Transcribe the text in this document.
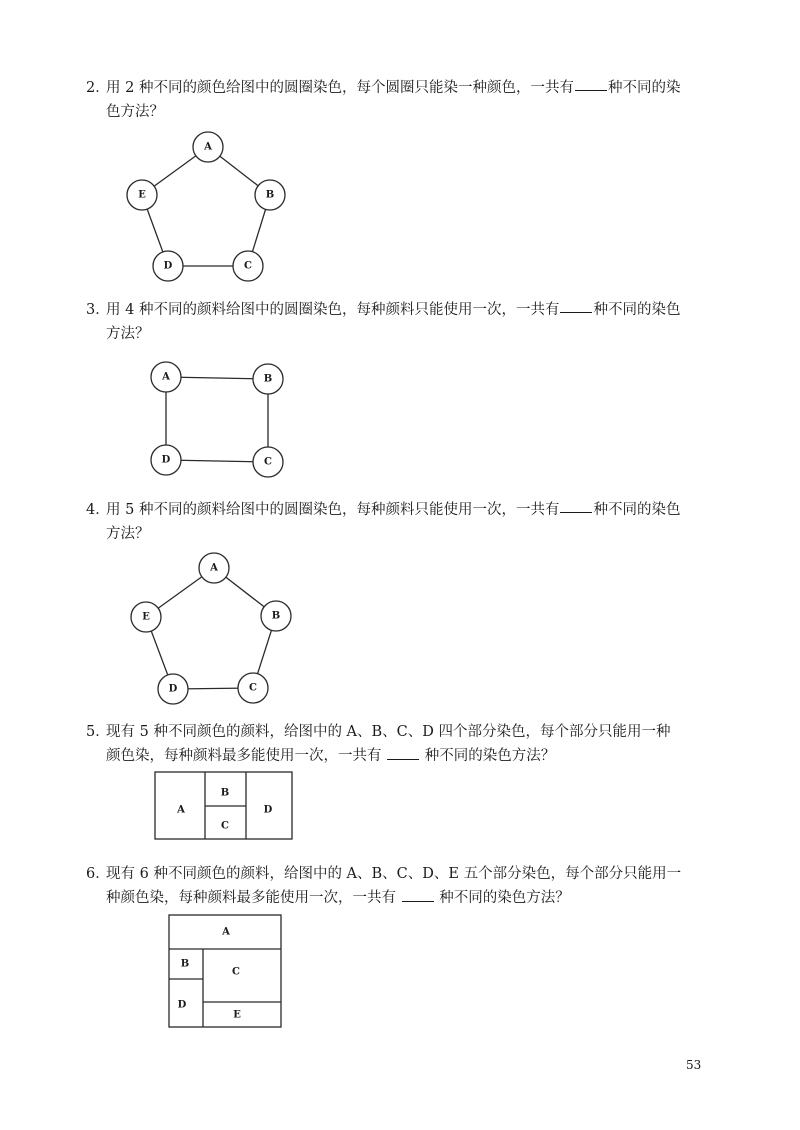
2．
用 2 种不同的颜色给图中的圆圈染色，每个圆圈只能染一种颜色，一共有 种不同的染
色方法？
A
B
C
D
E
3．
用 4 种不同的颜料给图中的圆圈染色，每种颜料只能使用一次，一共有 种不同的染色
方法？
A	B
C
D
4．
用 5 种不同的颜料给图中的圆圈染色，每种颜料只能使用一次，一共有 种不同的染色
方法？
A
B
C
D
E
5．
现有 5 种不同颜色的颜料，给图中的 A、B、C、D 四个部分染色，每个部分只能用一种
颜色染，每种颜料最多能使用一次，一共有	种不同的染色方法？
A
B
C
D
6．
现有 6 种不同颜色的颜料，给图中的 A、B、C、D、E 五个部分染色，每个部分只能用一
种颜色染，每种颜料最多能使用一次，一共有	种不同的染色方法？
A
B
C
D
E
53
